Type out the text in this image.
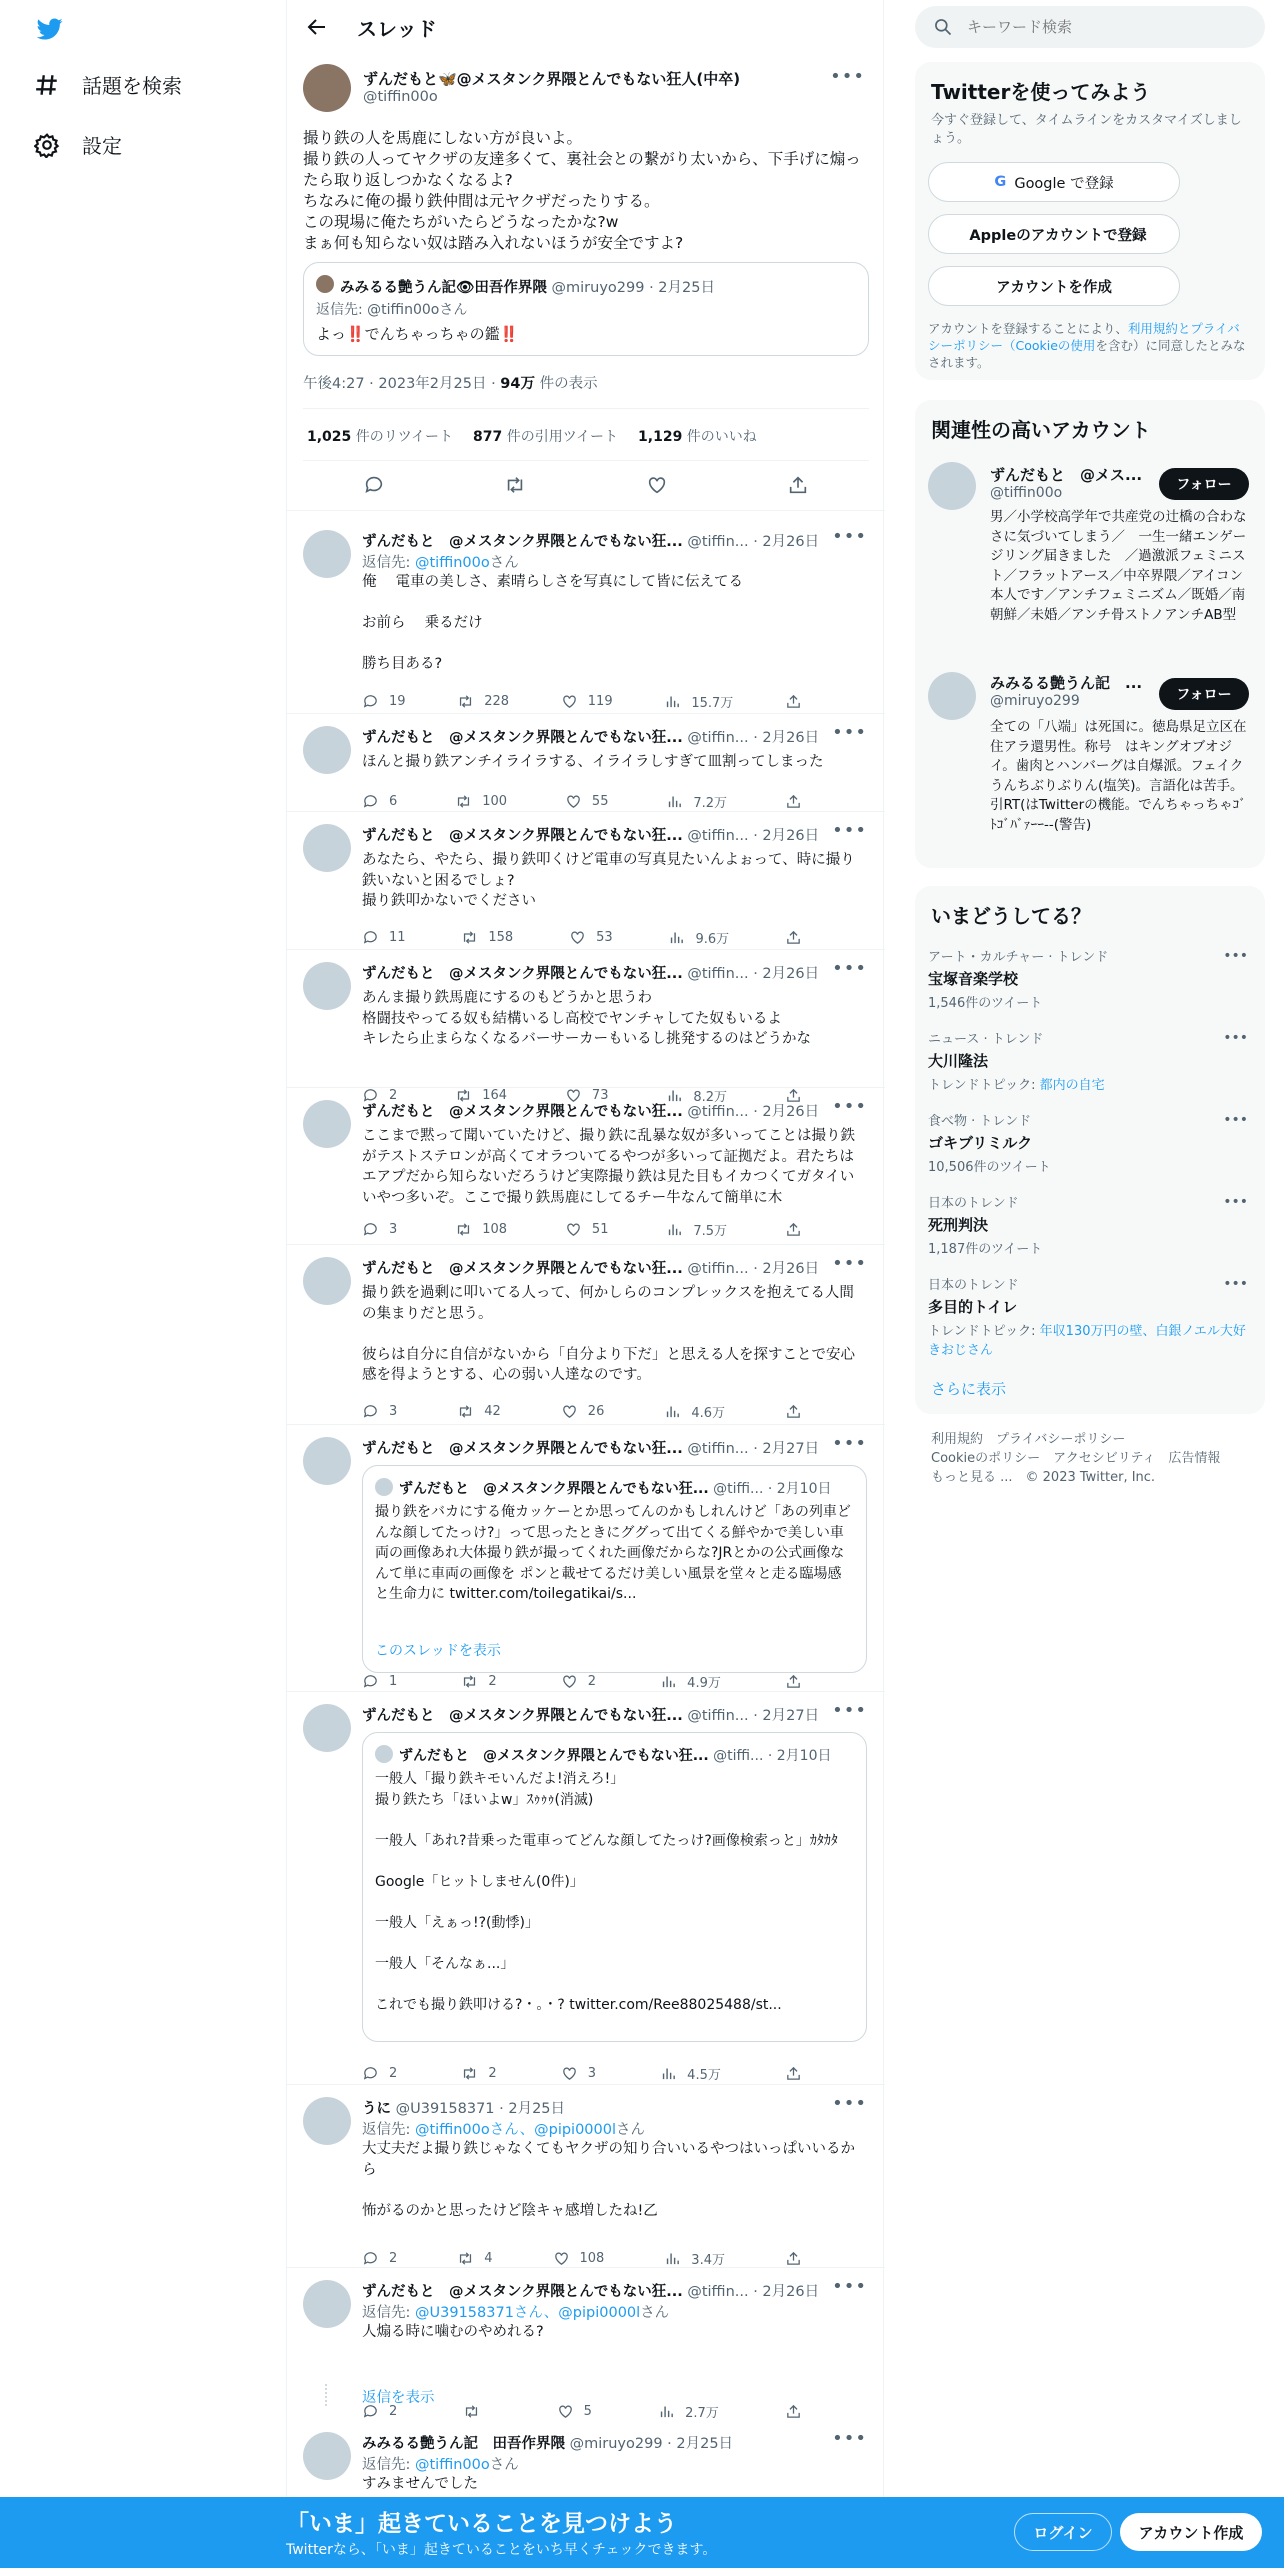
話題を検索
設定
スレッド
ずんだもと🦋@メスタンク界隈とんでもない狂人(中卒)
@tiffin00o
•••
撮り鉄の人を馬鹿にしない方が良いよ。
撮り鉄の人ってヤクザの友達多くて、裏社会との繋がり太いから、下手げに煽ったら取り返しつかなくなるよ?
ちなみに俺の撮り鉄仲間は元ヤクザだったりする。
この現場に俺たちがいたらどうなったかな?w
まぁ何も知らない奴は踏み入れないほうが安全ですよ?
みみるる艶うん記👁田吾作界隈 @miruyo299 · 2月25日
返信先: @tiffin00oさん
よっ‼️でんちゃっちゃの鑑‼️
午後4:27 · 2023年2月25日 · 94万 件の表示
1,025 件のリツイート 877 件の引用ツイート 1,129 件のいいね
ずんだもと　@メスタンク界隈とんでもない狂... @tiffin... · 2月26日 •••
返信先: @tiffin00oさん
俺　 電車の美しさ、素晴らしさを写真にして皆に伝えてる

お前ら　 乗るだけ

勝ち目ある?
19	228	119	15.7万
ずんだもと　@メスタンク界隈とんでもない狂... @tiffin... · 2月26日 •••
ほんと撮り鉄アンチイライラする、イライラしすぎて皿割ってしまった
6	100	55	7.2万
ずんだもと　@メスタンク界隈とんでもない狂... @tiffin... · 2月26日 •••
あなたら、やたら、撮り鉄叩くけど電車の写真見たいんよぉって、時に撮り鉄いないと困るでしょ?
撮り鉄叩かないでください
11	158	53	9.6万
ずんだもと　@メスタンク界隈とんでもない狂... @tiffin... · 2月26日 •••
あんま撮り鉄馬鹿にするのもどうかと思うわ
格闘技やってる奴も結構いるし高校でヤンチャしてた奴もいるよ
キレたら止まらなくなるバーサーカーもいるし挑発するのはどうかな
2	164	73	8.2万
ずんだもと　@メスタンク界隈とんでもない狂... @tiffin... · 2月26日 •••
ここまで黙って聞いていたけど、撮り鉄に乱暴な奴が多いってことは撮り鉄がテストステロンが高くてオラついてるやつが多いって証拠だよ。君たちはエアプだから知らないだろうけど実際撮り鉄は見た目もイカつくてガタイいいやつ多いぞ。ここで撮り鉄馬鹿にしてるチー牛なんて簡単に木
3	108	51	7.5万
ずんだもと　@メスタンク界隈とんでもない狂... @tiffin... · 2月26日 •••
撮り鉄を過剰に叩いてる人って、何かしらのコンプレックスを抱えてる人間の集まりだと思う。

彼らは自分に自信がないから「自分より下だ」と思える人を探すことで安心感を得ようとする、心の弱い人達なのです。
3	42	26	4.6万
ずんだもと　@メスタンク界隈とんでもない狂... @tiffin... · 2月27日 •••
ずんだもと　@メスタンク界隈とんでもない狂... @tiffi... · 2月10日
撮り鉄をバカにする俺カッケーとか思ってんのかもしれんけど「あの列車どんな顔してたっけ?」って思ったときにググって出てくる鮮やかで美しい車両の画像あれ大体撮り鉄が撮ってくれた画像だからな?JRとかの公式画像なんて単に車両の画像を ポンと載せてるだけ美しい風景を堂々と走る臨場感と生命力に twitter.com/toilegatikai/s...
このスレッドを表示
1	2	2	4.9万
ずんだもと　@メスタンク界隈とんでもない狂... @tiffin... · 2月27日 •••
ずんだもと　@メスタンク界隈とんでもない狂... @tiffi... · 2月10日
一般人「撮り鉄キモいんだよ!消えろ!」
撮り鉄たち「ほいよw」ｽｩｩｩ(消滅)

一般人「あれ?昔乗った電車ってどんな顔してたっけ?画像検索っと」ｶﾀｶﾀ

Google「ヒットしません(0件)」

一般人「えぁっ!?(動悸)」

一般人「そんなぁ...」

これでも撮り鉄叩ける?・。・? twitter.com/Ree88025488/st...
2	2	3	4.5万
うに @U39158371 · 2月25日	•••
返信先: @tiffin00oさん、@pipi0000lさん
大丈夫だよ撮り鉄じゃなくてもヤクザの知り合いいるやつはいっぱいいるから

怖がるのかと思ったけど陰キャ感増したね!乙
2	4	108	3.4万
ずんだもと　@メスタンク界隈とんでもない狂... @tiffin... · 2月26日 •••
返信先: @U39158371さん、@pipi0000lさん
人煽る時に噛むのやめれる?
2	5	2.7万
返信を表示
みみるる艶うん記　田吾作界隈 @miruyo299 · 2月25日	•••
返信先: @tiffin00oさん
すみませんでした
キーワード検索
Twitterを使ってみよう
今すぐ登録して、タイムラインをカスタマイズしましょう。
G Google で登録
Appleのアカウントで登録
アカウントを作成
アカウントを登録することにより、利用規約とプライバシーポリシー（Cookieの使用を含む）に同意したとみなされます。
関連性の高いアカウント
ずんだもと　@メス...
@tiffin00o	フォロー
男／小学校高学年で共産党の辻橋の合わなさに気づいてしまう／　一生一緒エンゲージリング届きました　／過激派フェミニスト／フラットアース／中卒界隈／アイコン本人です／アンチフェミニズム／既婚／南朝鮮／未婚／アンチ骨ストノアンチAB型
みみるる艶うん記　...
@miruyo299	フォロー
全ての「八端」は死国に。徳島県足立区在住アラ還男性。称号　はキングオブオジイ。歯肉とハンバーグは自爆派。フェイクうんちぶりぶりん(塩笑)。言語化は苦手。引RT(はTwitterの機能。でんちゃっちゃｺﾞﾄｺﾞﾊﾞｧｰｰ--(警告)
いまどうしてる？
アート・カルチャー · トレンド
宝塚音楽学校
1,546件のツイート
•••
ニュース · トレンド
大川隆法
トレンドトピック: 都内の自宅
•••
食べ物 · トレンド
ゴキブリミルク
10,506件のツイート
•••
日本のトレンド
死刑判決
1,187件のツイート
•••
日本のトレンド
多目的トイレ
トレンドトピック: 年収130万円の壁、白銀ノエル大好きおじさん
•••
さらに表示
利用規約　プライバシーポリシー
Cookieのポリシー　アクセシビリティ　広告情報
もっと見る ...　© 2023 Twitter, Inc.
「いま」起きていることを見つけよう
Twitterなら、「いま」起きていることをいち早くチェックできます。
ログイン	アカウント作成
